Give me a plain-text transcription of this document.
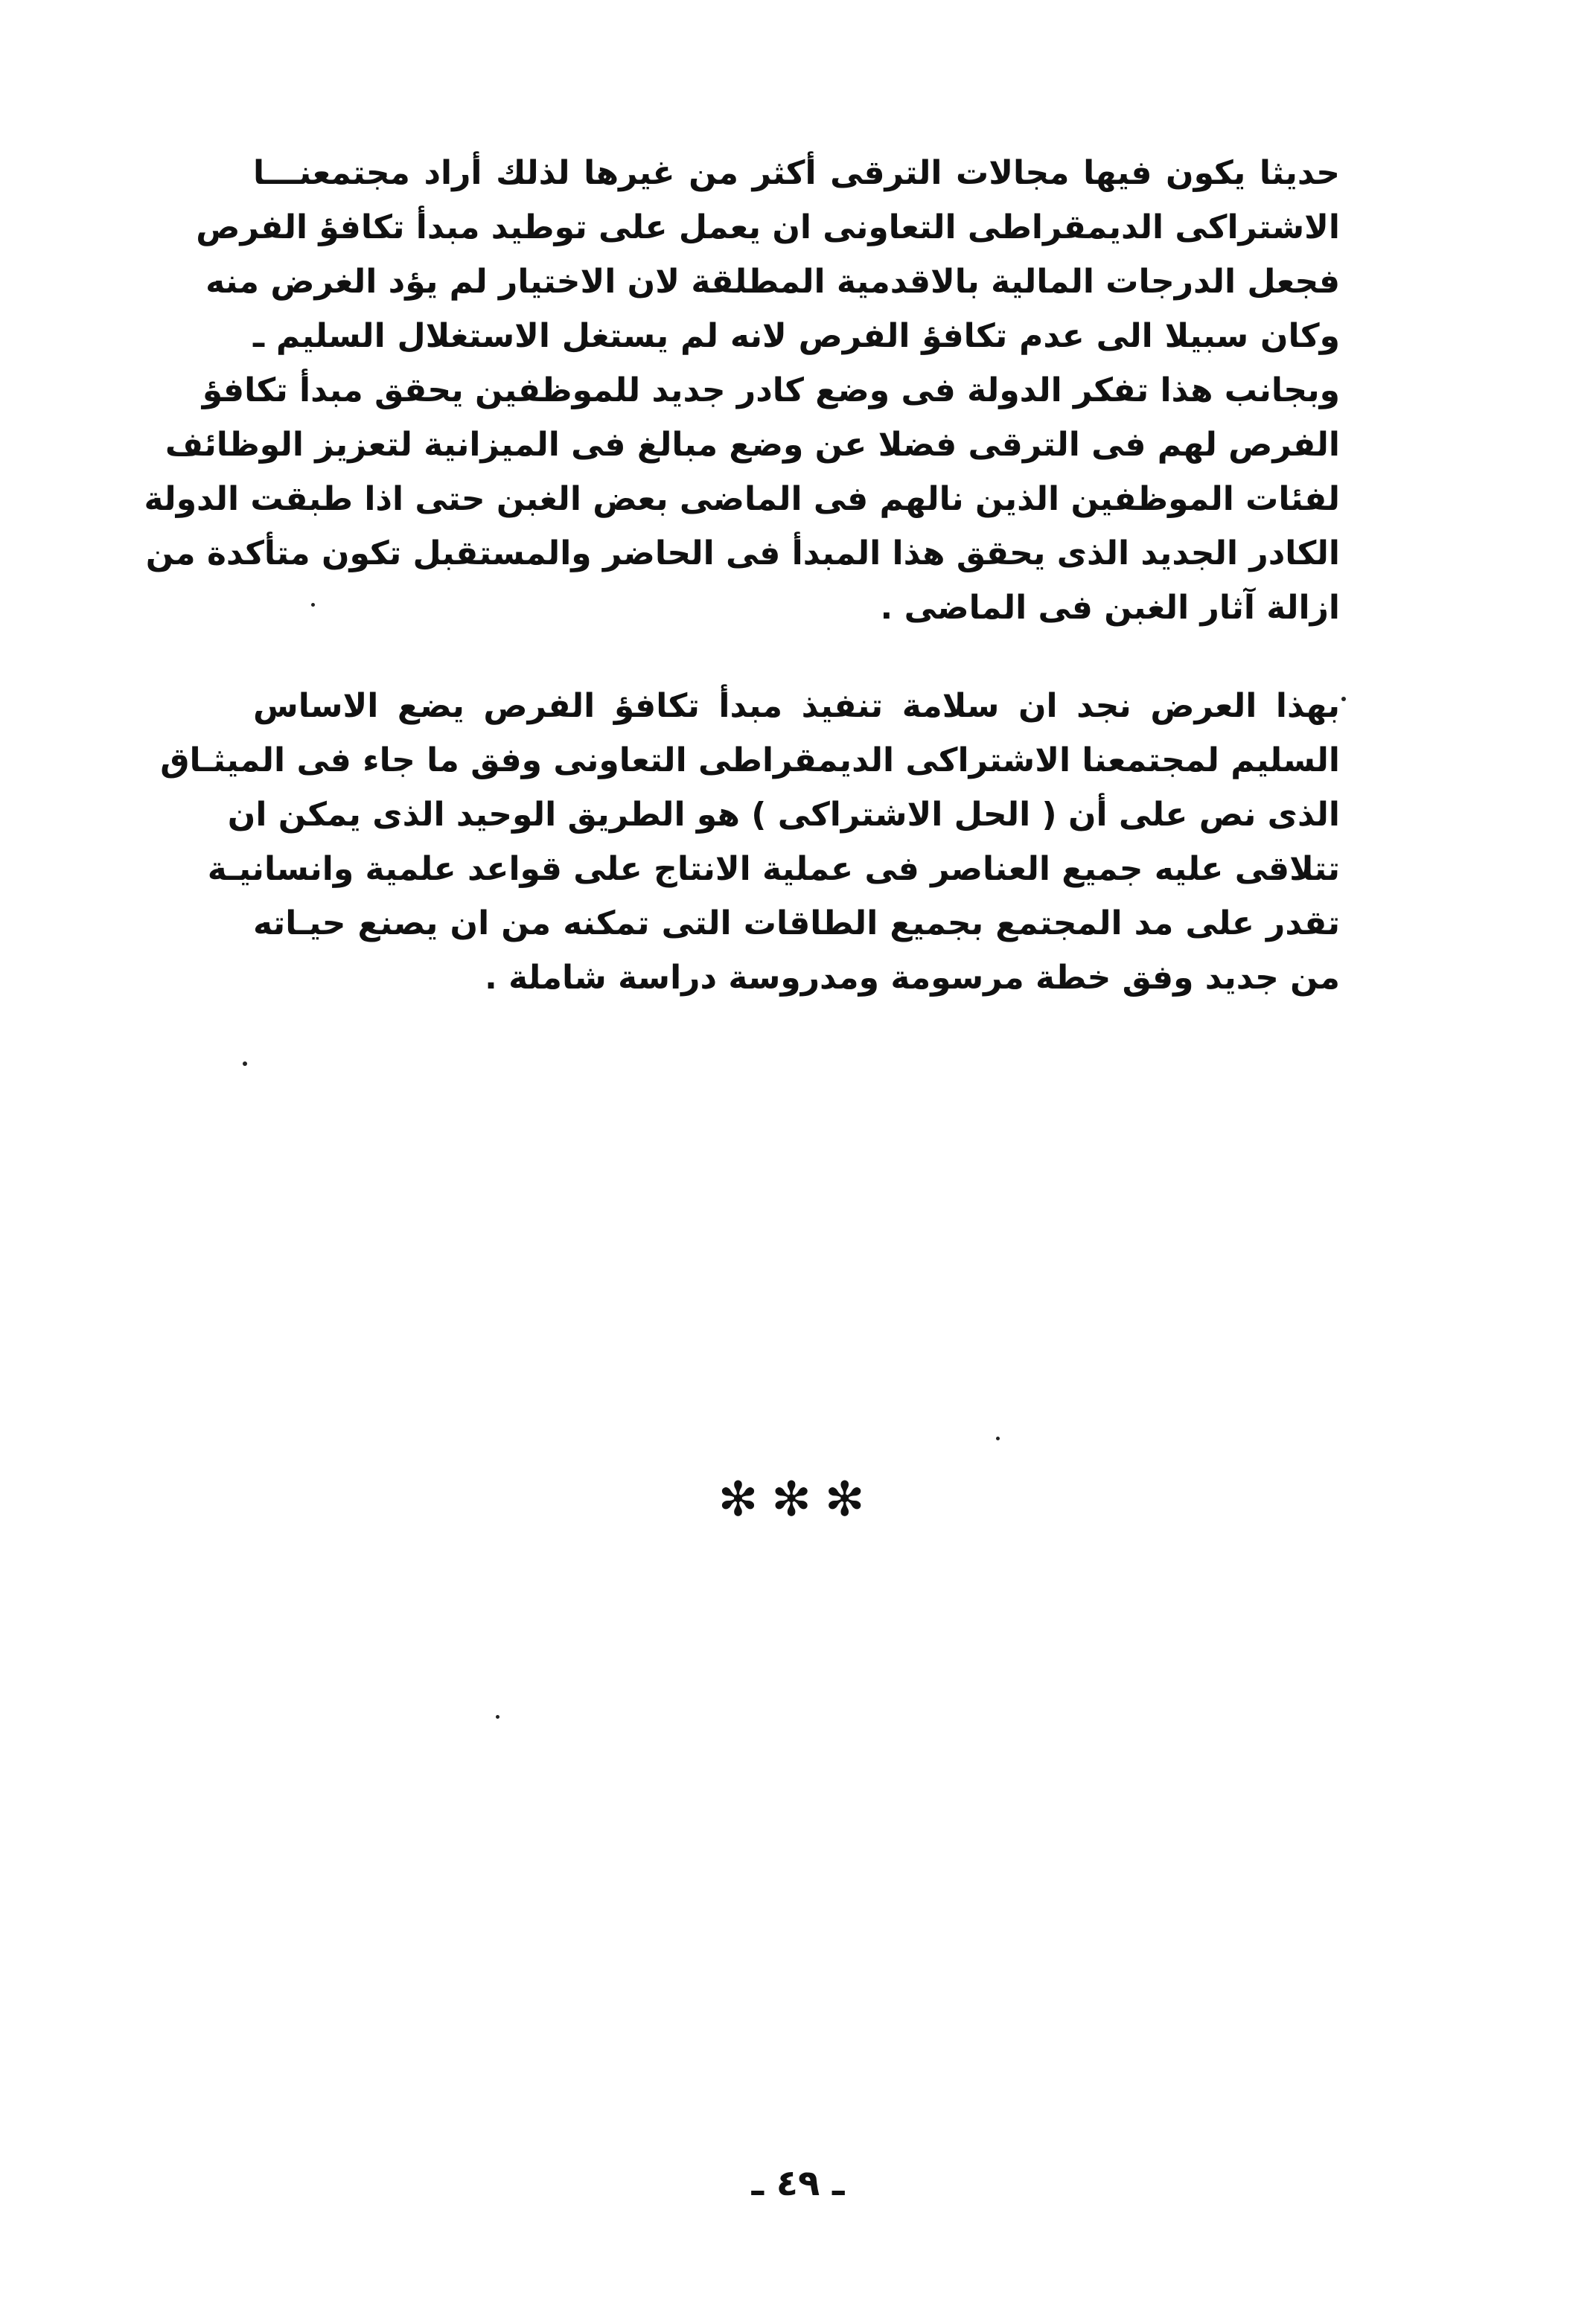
حديثا يكون فيها مجالات الترقى أكثر من غيرها لذلك أراد مجتمعنـــا
الاشتراكى الديمقراطى التعاونى ان يعمل على توطيد مبدأ تكافؤ الفرص
فجعل الدرجات المالية بالاقدمية المطلقة لان الاختيار لم يؤد الغرض منه
وكان سبيلا الى عدم تكافؤ الفرص لانه لم يستغل الاستغلال السليم ـ
وبجانب هذا تفكر الدولة فى وضع كادر جديد للموظفين يحقق مبدأ تكافؤ
الفرص لهم فى الترقى فضلا عن وضع مبالغ فى الميزانية لتعزيز الوظائف
لفئات الموظفين الذين نالهم فى الماضى بعض الغبن حتى اذا طبقت الدولة
الكادر الجديد الذى يحقق هذا المبدأ فى الحاضر والمستقبل تكون متأكدة من
ازالة آثار الغبن فى الماضى .
بهذا العرض نجد ان سلامة تنفيذ مبدأ تكافؤ الفرص يضع الاساس
السليم لمجتمعنا الاشتراكى الديمقراطى التعاونى وفق ما جاء فى الميثـاق
الذى نص على أن ( الحل الاشتراكى ) هو الطريق الوحيد الذى يمكن ان
تتلاقى عليه جميع العناصر فى عملية الانتاج على قواعد علمية وانسانيـة
تقدر على مد المجتمع بجميع الطاقات التى تمكنه من ان يصنع حيـاته
من جديد وفق خطة مرسومة ومدروسة دراسة شاملة .
✻✻✻
ـ ٤٩ ـ
